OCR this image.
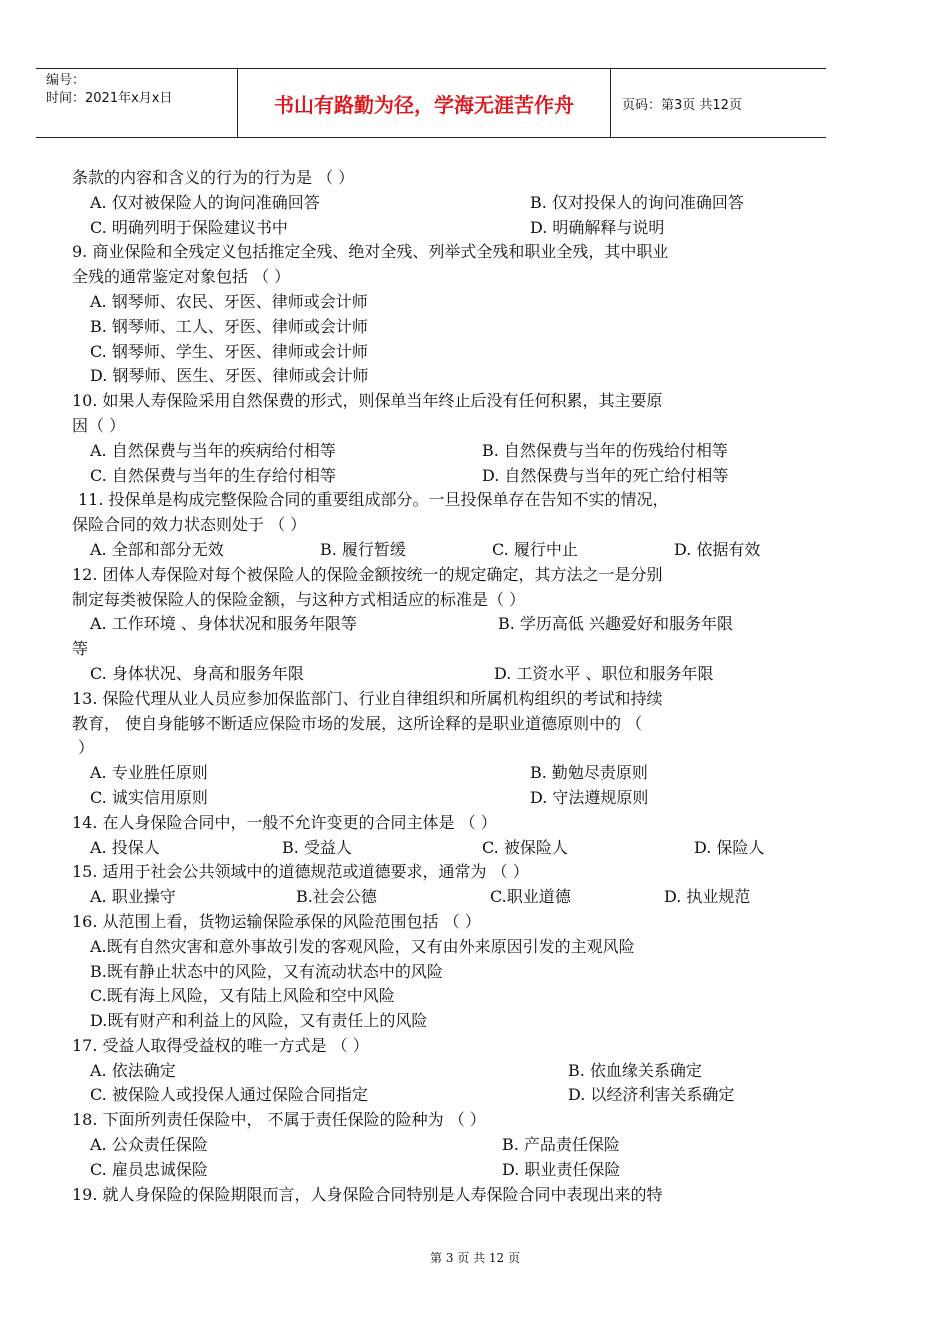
编号：
时间：2021年x月x日	书山有路勤为径，学海无涯苦作舟	页码：第3页 共12页
条款的内容和含义的行为的行为是 （ ）
A. 仅对被保险人的询问准确回答	B. 仅对投保人的询问准确回答
C. 明确列明于保险建议书中	D. 明确解释与说明
9. 商业保险和全残定义包括推定全残、绝对全残、列举式全残和职业全残，其中职业
全残的通常鉴定对象包括 （ ）
A. 钢琴师、农民、牙医、律师或会计师
B. 钢琴师、工人、牙医、律师或会计师
C. 钢琴师、学生、牙医、律师或会计师
D. 钢琴师、医生、牙医、律师或会计师
10. 如果人寿保险采用自然保费的形式，则保单当年终止后没有任何积累，其主要原
因（ ）
A. 自然保费与当年的疾病给付相等	B. 自然保费与当年的伤残给付相等
C. 自然保费与当年的生存给付相等	D. 自然保费与当年的死亡给付相等
11. 投保单是构成完整保险合同的重要组成部分。一旦投保单存在告知不实的情况，
保险合同的效力状态则处于 （ ）
A. 全部和部分无效	B. 履行暂缓	C. 履行中止	D. 依据有效
12. 团体人寿保险对每个被保险人的保险金额按统一的规定确定，其方法之一是分别
制定每类被保险人的保险金额，与这种方式相适应的标准是（ ）
A. 工作环境 、身体状况和服务年限等	B. 学历高低 兴趣爱好和服务年限
等
C. 身体状况、身高和服务年限	D. 工资水平 、职位和服务年限
13. 保险代理从业人员应参加保监部门、行业自律组织和所属机构组织的考试和持续
教育， 使自身能够不断适应保险市场的发展，这所诠释的是职业道德原则中的 （
）
A. 专业胜任原则	B. 勤勉尽责原则
C. 诚实信用原则	D. 守法遵规原则
14. 在人身保险合同中，一般不允许变更的合同主体是 （ ）
A. 投保人	B. 受益人	C. 被保险人	D. 保险人
15. 适用于社会公共领域中的道德规范或道德要求，通常为 （ ）
A. 职业操守	B.社会公德	C.职业道德	D. 执业规范
16. 从范围上看，货物运输保险承保的风险范围包括 （ ）
A.既有自然灾害和意外事故引发的客观风险，又有由外来原因引发的主观风险
B.既有静止状态中的风险，又有流动状态中的风险
C.既有海上风险，又有陆上风险和空中风险
D.既有财产和利益上的风险，又有责任上的风险
17. 受益人取得受益权的唯一方式是 （ ）
A. 依法确定	B. 依血缘关系确定
C. 被保险人或投保人通过保险合同指定	D. 以经济利害关系确定
18. 下面所列责任保险中， 不属于责任保险的险种为 （ ）
A. 公众责任保险	B. 产品责任保险
C. 雇员忠诚保险	D. 职业责任保险
19. 就人身保险的保险期限而言，人身保险合同特别是人寿保险合同中表现出来的特
第 3 页 共 12 页
